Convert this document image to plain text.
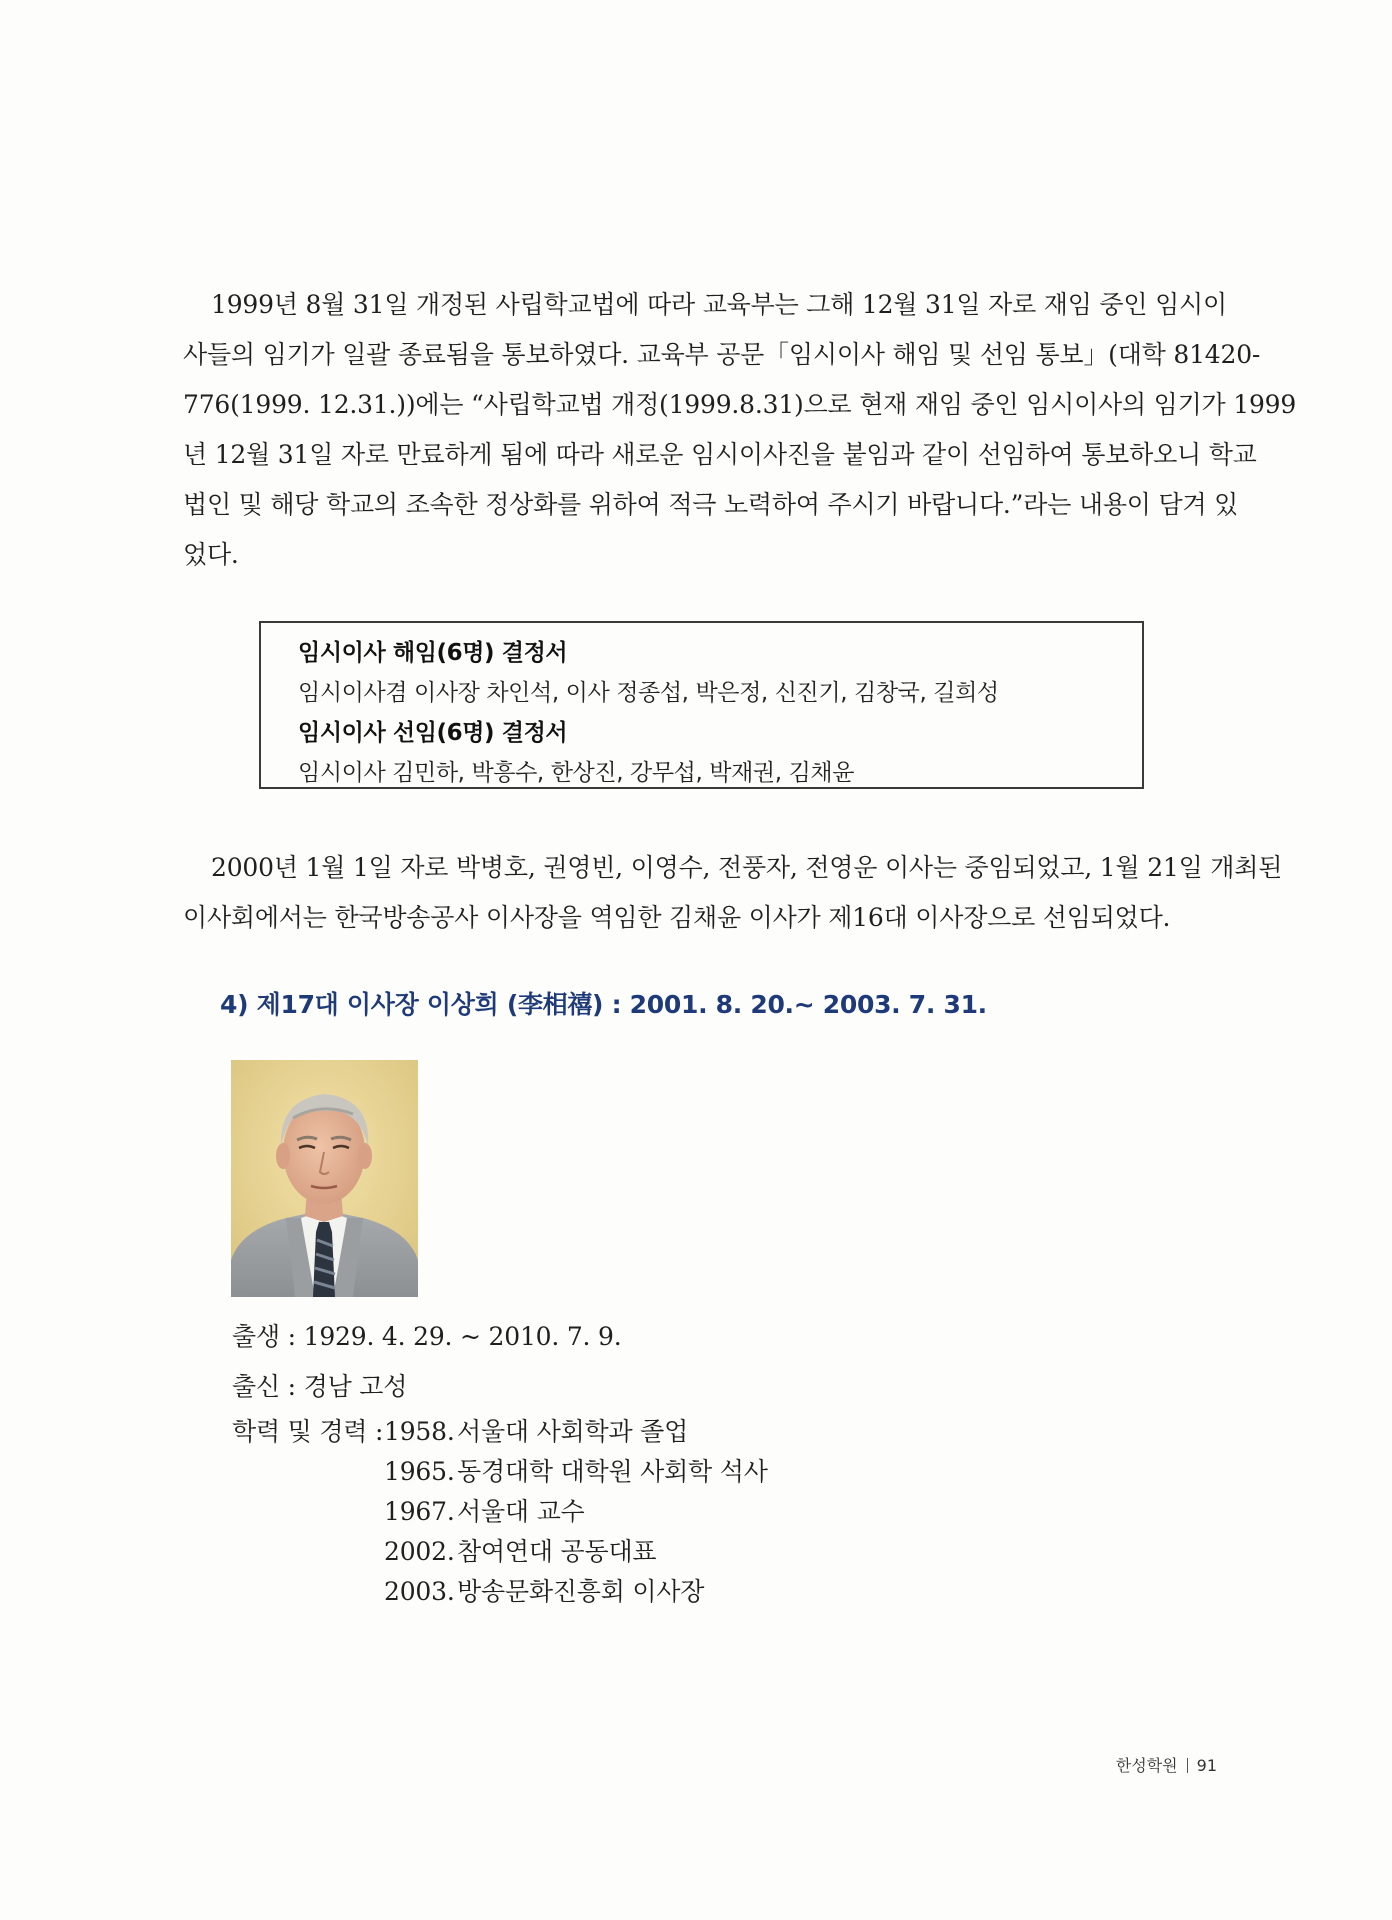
1999년 8월 31일 개정된 사립학교법에 따라 교육부는 그해 12월 31일 자로 재임 중인 임시이
사들의 임기가 일괄 종료됨을 통보하였다. 교육부 공문「임시이사 해임 및 선임 통보」(대학 81420-
776(1999. 12.31.))에는 “사립학교법 개정(1999.8.31)으로 현재 재임 중인 임시이사의 임기가 1999
년 12월 31일 자로 만료하게 됨에 따라 새로운 임시이사진을 붙임과 같이 선임하여 통보하오니 학교
법인 및 해당 학교의 조속한 정상화를 위하여 적극 노력하여 주시기 바랍니다.”라는 내용이 담겨 있
었다.
임시이사 해임(6명) 결정서
임시이사겸 이사장 차인석, 이사 정종섭, 박은정, 신진기, 김창국, 길희성
임시이사 선임(6명) 결정서
임시이사 김민하, 박흥수, 한상진, 강무섭, 박재권, 김채윤
2000년 1월 1일 자로 박병호, 권영빈, 이영수, 전풍자, 전영운 이사는 중임되었고, 1월 21일 개최된
이사회에서는 한국방송공사 이사장을 역임한 김채윤 이사가 제16대 이사장으로 선임되었다.
4) 제17대 이사장 이상희 (李相禧) : 2001. 8. 20.~ 2003. 7. 31.
출생 : 1929. 4. 29. ~ 2010. 7. 9.
출신 : 경남 고성
학력 및 경력 : 1958. 서울대 사회학과 졸업
1965. 동경대학 대학원 사회학 석사
1967. 서울대 교수
2002. 참여연대 공동대표
2003. 방송문화진흥회 이사장
한성학원 91
